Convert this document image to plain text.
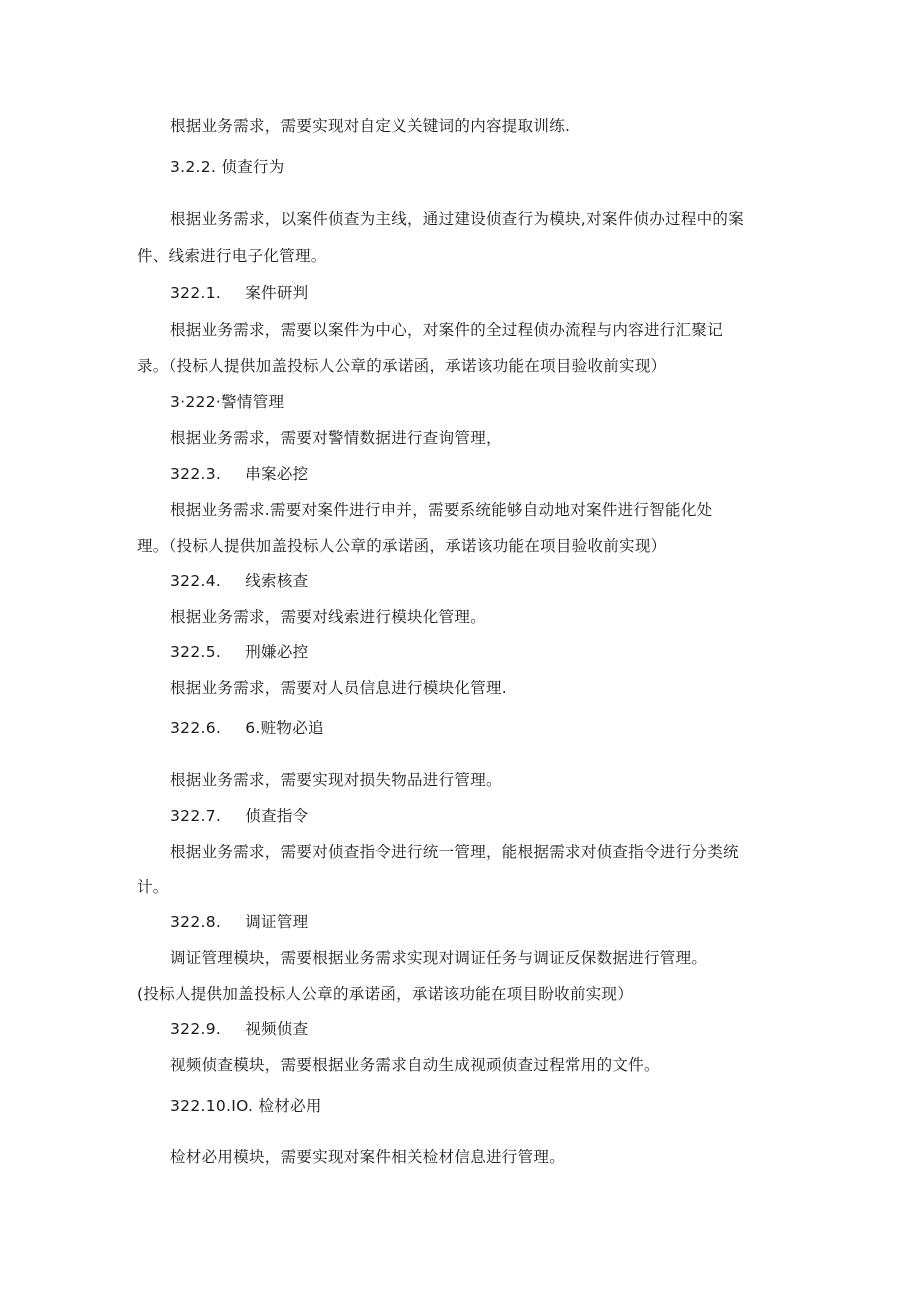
根据业务需求，需要实现对自定义关键词的内容提取训练.
3.2.2. 侦查行为
根据业务需求，以案件侦查为主线，通过建设侦查行为模块,对案件侦办过程中的案
件、线索进行电子化管理。
322.1. 案件研判
根据业务需求，需要以案件为中心，对案件的全过程侦办流程与内容进行汇聚记
录。（投标人提供加盖投标人公章的承诺函，承诺该功能在项目验收前实现）
3·222·警情管理
根据业务需求，需要对警情数据进行查询管理，
322.3. 串案必挖
根据业务需求.需要对案件进行申并，需要系统能够自动地对案件进行智能化处
理。（投标人提供加盖投标人公章的承诺函，承诺该功能在项目验收前实现）
322.4. 线索核查
根据业务需求，需要对线索进行模块化管理。
322.5. 刑嫌必控
根据业务需求，需要对人员信息进行模块化管理.
322.6. 6.赃物必追
根据业务需求，需要实现对损失物品进行管理。
322.7. 侦查指令
根据业务需求，需要对侦查指令进行统一管理，能根据需求对侦查指令进行分类统
计。
322.8. 调证管理
调证管理模块，需要根据业务需求实现对调证任务与调证反保数据进行管理。
(投标人提供加盖投标人公章的承诺函，承诺该功能在项目盼收前实现）
322.9. 视频侦查
视频侦查模块，需要根据业务需求自动生成视顽侦查过程常用的文件。
322.10.IO. 检材必用
检材必用模块，需要实现对案件相关检材信息进行管理。
